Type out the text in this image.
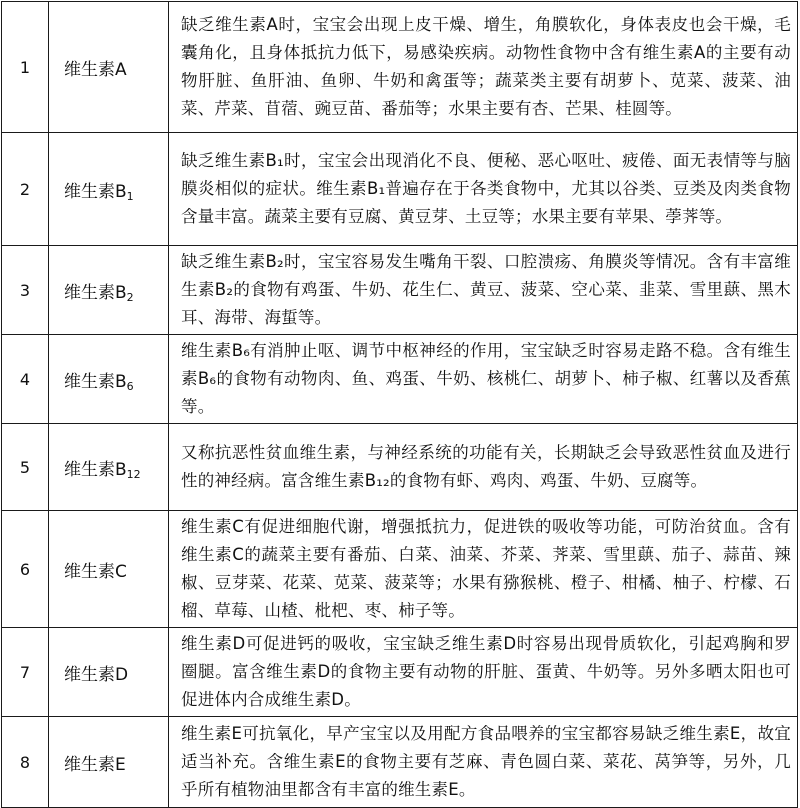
1	维生素A	缺乏维生素A时，宝宝会出现上皮干燥、增生，角膜软化，身体表皮也会干燥，毛囊角化，且身体抵抗力低下，易感染疾病。动物性食物中含有维生素A的主要有动物肝脏、鱼肝油、鱼卵、牛奶和禽蛋等；蔬菜类主要有胡萝卜、苋菜、菠菜、油菜、芹菜、苜蓿、豌豆苗、番茄等；水果主要有杏、芒果、桂圆等。
2	维生素$B_1$	缺乏维生素B₁时，宝宝会出现消化不良、便秘、恶心呕吐、疲倦、面无表情等与脑膜炎相似的症状。维生素B₁普遍存在于各类食物中，尤其以谷类、豆类及肉类食物含量丰富。蔬菜主要有豆腐、黄豆芽、土豆等；水果主要有苹果、荸荠等。
3	维生素$B_2$	缺乏维生素B₂时，宝宝容易发生嘴角干裂、口腔溃疡、角膜炎等情况。含有丰富维生素B₂的食物有鸡蛋、牛奶、花生仁、黄豆、菠菜、空心菜、韭菜、雪里蕻、黑木耳、海带、海蜇等。
4	维生素$B_6$	维生素B₆有消肿止呕、调节中枢神经的作用，宝宝缺乏时容易走路不稳。含有维生素B₆的食物有动物肉、鱼、鸡蛋、牛奶、核桃仁、胡萝卜、柿子椒、红薯以及香蕉等。
5	维生素$B_{12}$	又称抗恶性贫血维生素，与神经系统的功能有关，长期缺乏会导致恶性贫血及进行性的神经病。富含维生素B₁₂的食物有虾、鸡肉、鸡蛋、牛奶、豆腐等。
6	维生素C	维生素C有促进细胞代谢，增强抵抗力，促进铁的吸收等功能，可防治贫血。含有维生素C的蔬菜主要有番茄、白菜、油菜、芥菜、荠菜、雪里蕻、茄子、蒜苗、辣椒、豆芽菜、花菜、苋菜、菠菜等；水果有猕猴桃、橙子、柑橘、柚子、柠檬、石榴、草莓、山楂、枇杷、枣、柿子等。
7	维生素D	维生素D可促进钙的吸收，宝宝缺乏维生素D时容易出现骨质软化，引起鸡胸和罗圈腿。富含维生素D的食物主要有动物的肝脏、蛋黄、牛奶等。另外多晒太阳也可促进体内合成维生素D。
8	维生素E	维生素E可抗氧化，早产宝宝以及用配方食品喂养的宝宝都容易缺乏维生素E，故宜适当补充。含维生素E的食物主要有芝麻、青色圆白菜、菜花、莴笋等，另外，几乎所有植物油里都含有丰富的维生素E。
